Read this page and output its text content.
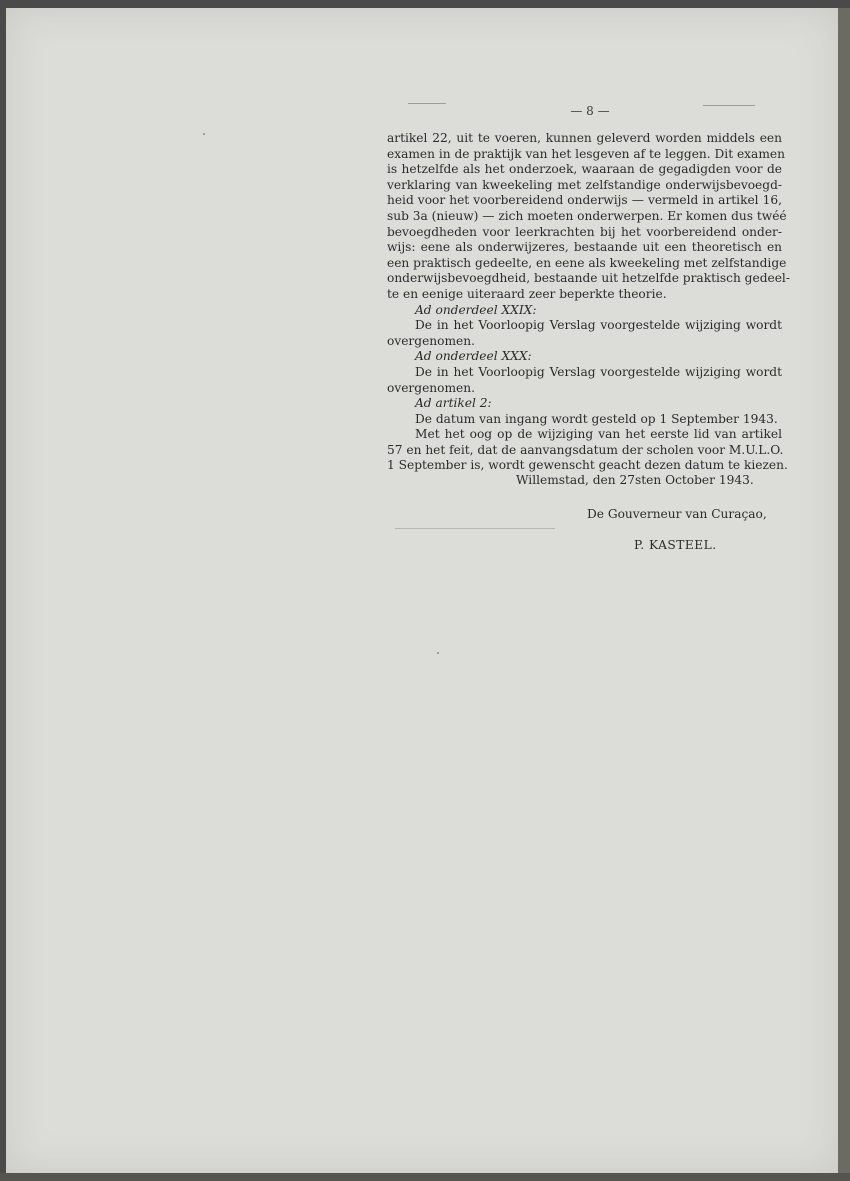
— 8 —
artikel 22, uit te voeren, kunnen geleverd worden middels een
examen in de praktijk van het lesgeven af te leggen. Dit examen
is hetzelfde als het onderzoek, waaraan de gegadigden voor de
verklaring van kweekeling met zelfstandige onderwijsbevoegd-
heid voor het voorbereidend onderwijs — vermeld in artikel 16,
sub 3a (nieuw) — zich moeten onderwerpen. Er komen dus twéé
bevoegdheden voor leerkrachten bij het voorbereidend onder-
wijs: eene als onderwijzeres, bestaande uit een theoretisch en
een praktisch gedeelte, en eene als kweekeling met zelfstandige
onderwijsbevoegdheid, bestaande uit hetzelfde praktisch gedeel-
te en eenige uiteraard zeer beperkte theorie.
Ad onderdeel XXIX:
De in het Voorloopig Verslag voorgestelde wijziging wordt
overgenomen.
Ad onderdeel XXX:
De in het Voorloopig Verslag voorgestelde wijziging wordt
overgenomen.
Ad artikel 2:
De datum van ingang wordt gesteld op 1 September 1943.
Met het oog op de wijziging van het eerste lid van artikel
57 en het feit, dat de aanvangsdatum der scholen voor M.U.L.O.
1 September is, wordt gewenscht geacht dezen datum te kiezen.
Willemstad, den 27sten October 1943.
De Gouverneur van Curaçao,
P. KASTEEL.
